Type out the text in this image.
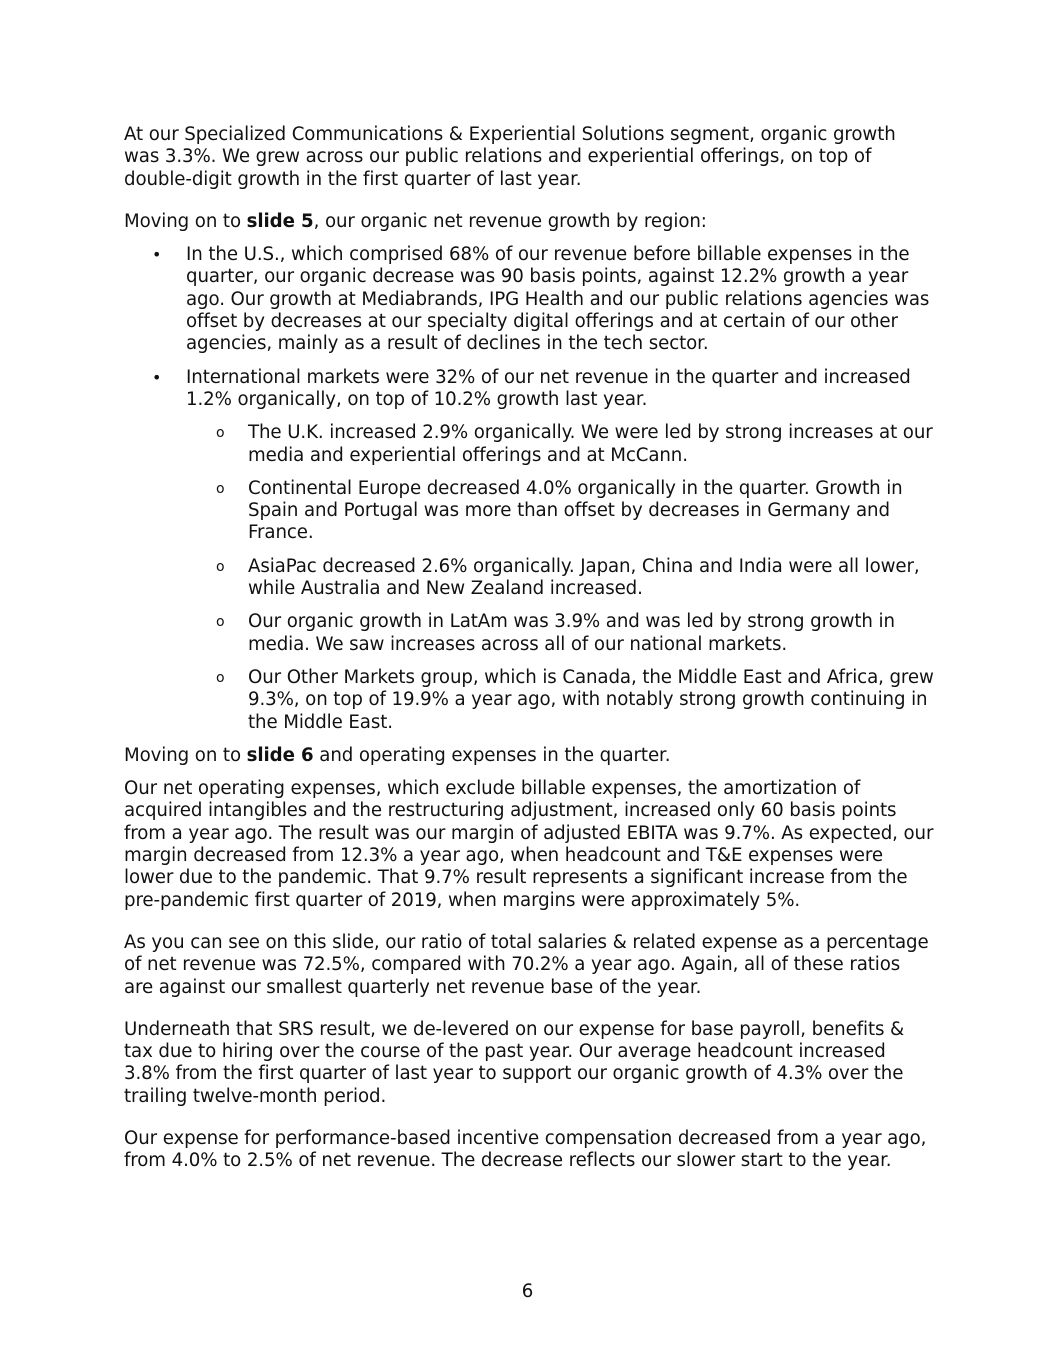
At our Specialized Communications & Experiential Solutions segment, organic growth was 3.3%. We grew across our public relations and experiential offerings, on top of double-digit growth in the first quarter of last year.

Moving on to slide 5, our organic net revenue growth by region:

• In the U.S., which comprised 68% of our revenue before billable expenses in the quarter, our organic decrease was 90 basis points, against 12.2% growth a year ago. Our growth at Mediabrands, IPG Health and our public relations agencies was offset by decreases at our specialty digital offerings and at certain of our other agencies, mainly as a result of declines in the tech sector.
• International markets were 32% of our net revenue in the quarter and increased 1.2% organically, on top of 10.2% growth last year.
o The U.K. increased 2.9% organically. We were led by strong increases at our media and experiential offerings and at McCann.
o Continental Europe decreased 4.0% organically in the quarter. Growth in Spain and Portugal was more than offset by decreases in Germany and France.
o AsiaPac decreased 2.6% organically. Japan, China and India were all lower, while Australia and New Zealand increased.
o Our organic growth in LatAm was 3.9% and was led by strong growth in media. We saw increases across all of our national markets.
o Our Other Markets group, which is Canada, the Middle East and Africa, grew 9.3%, on top of 19.9% a year ago, with notably strong growth continuing in the Middle East.

Moving on to slide 6 and operating expenses in the quarter.

Our net operating expenses, which exclude billable expenses, the amortization of acquired intangibles and the restructuring adjustment, increased only 60 basis points from a year ago. The result was our margin of adjusted EBITA was 9.7%. As expected, our margin decreased from 12.3% a year ago, when headcount and T&E expenses were lower due to the pandemic. That 9.7% result represents a significant increase from the pre-pandemic first quarter of 2019, when margins were approximately 5%.

As you can see on this slide, our ratio of total salaries & related expense as a percentage of net revenue was 72.5%, compared with 70.2% a year ago. Again, all of these ratios are against our smallest quarterly net revenue base of the year.

Underneath that SRS result, we de-levered on our expense for base payroll, benefits & tax due to hiring over the course of the past year. Our average headcount increased 3.8% from the first quarter of last year to support our organic growth of 4.3% over the trailing twelve-month period.

Our expense for performance-based incentive compensation decreased from a year ago, from 4.0% to 2.5% of net revenue. The decrease reflects our slower start to the year.

6
